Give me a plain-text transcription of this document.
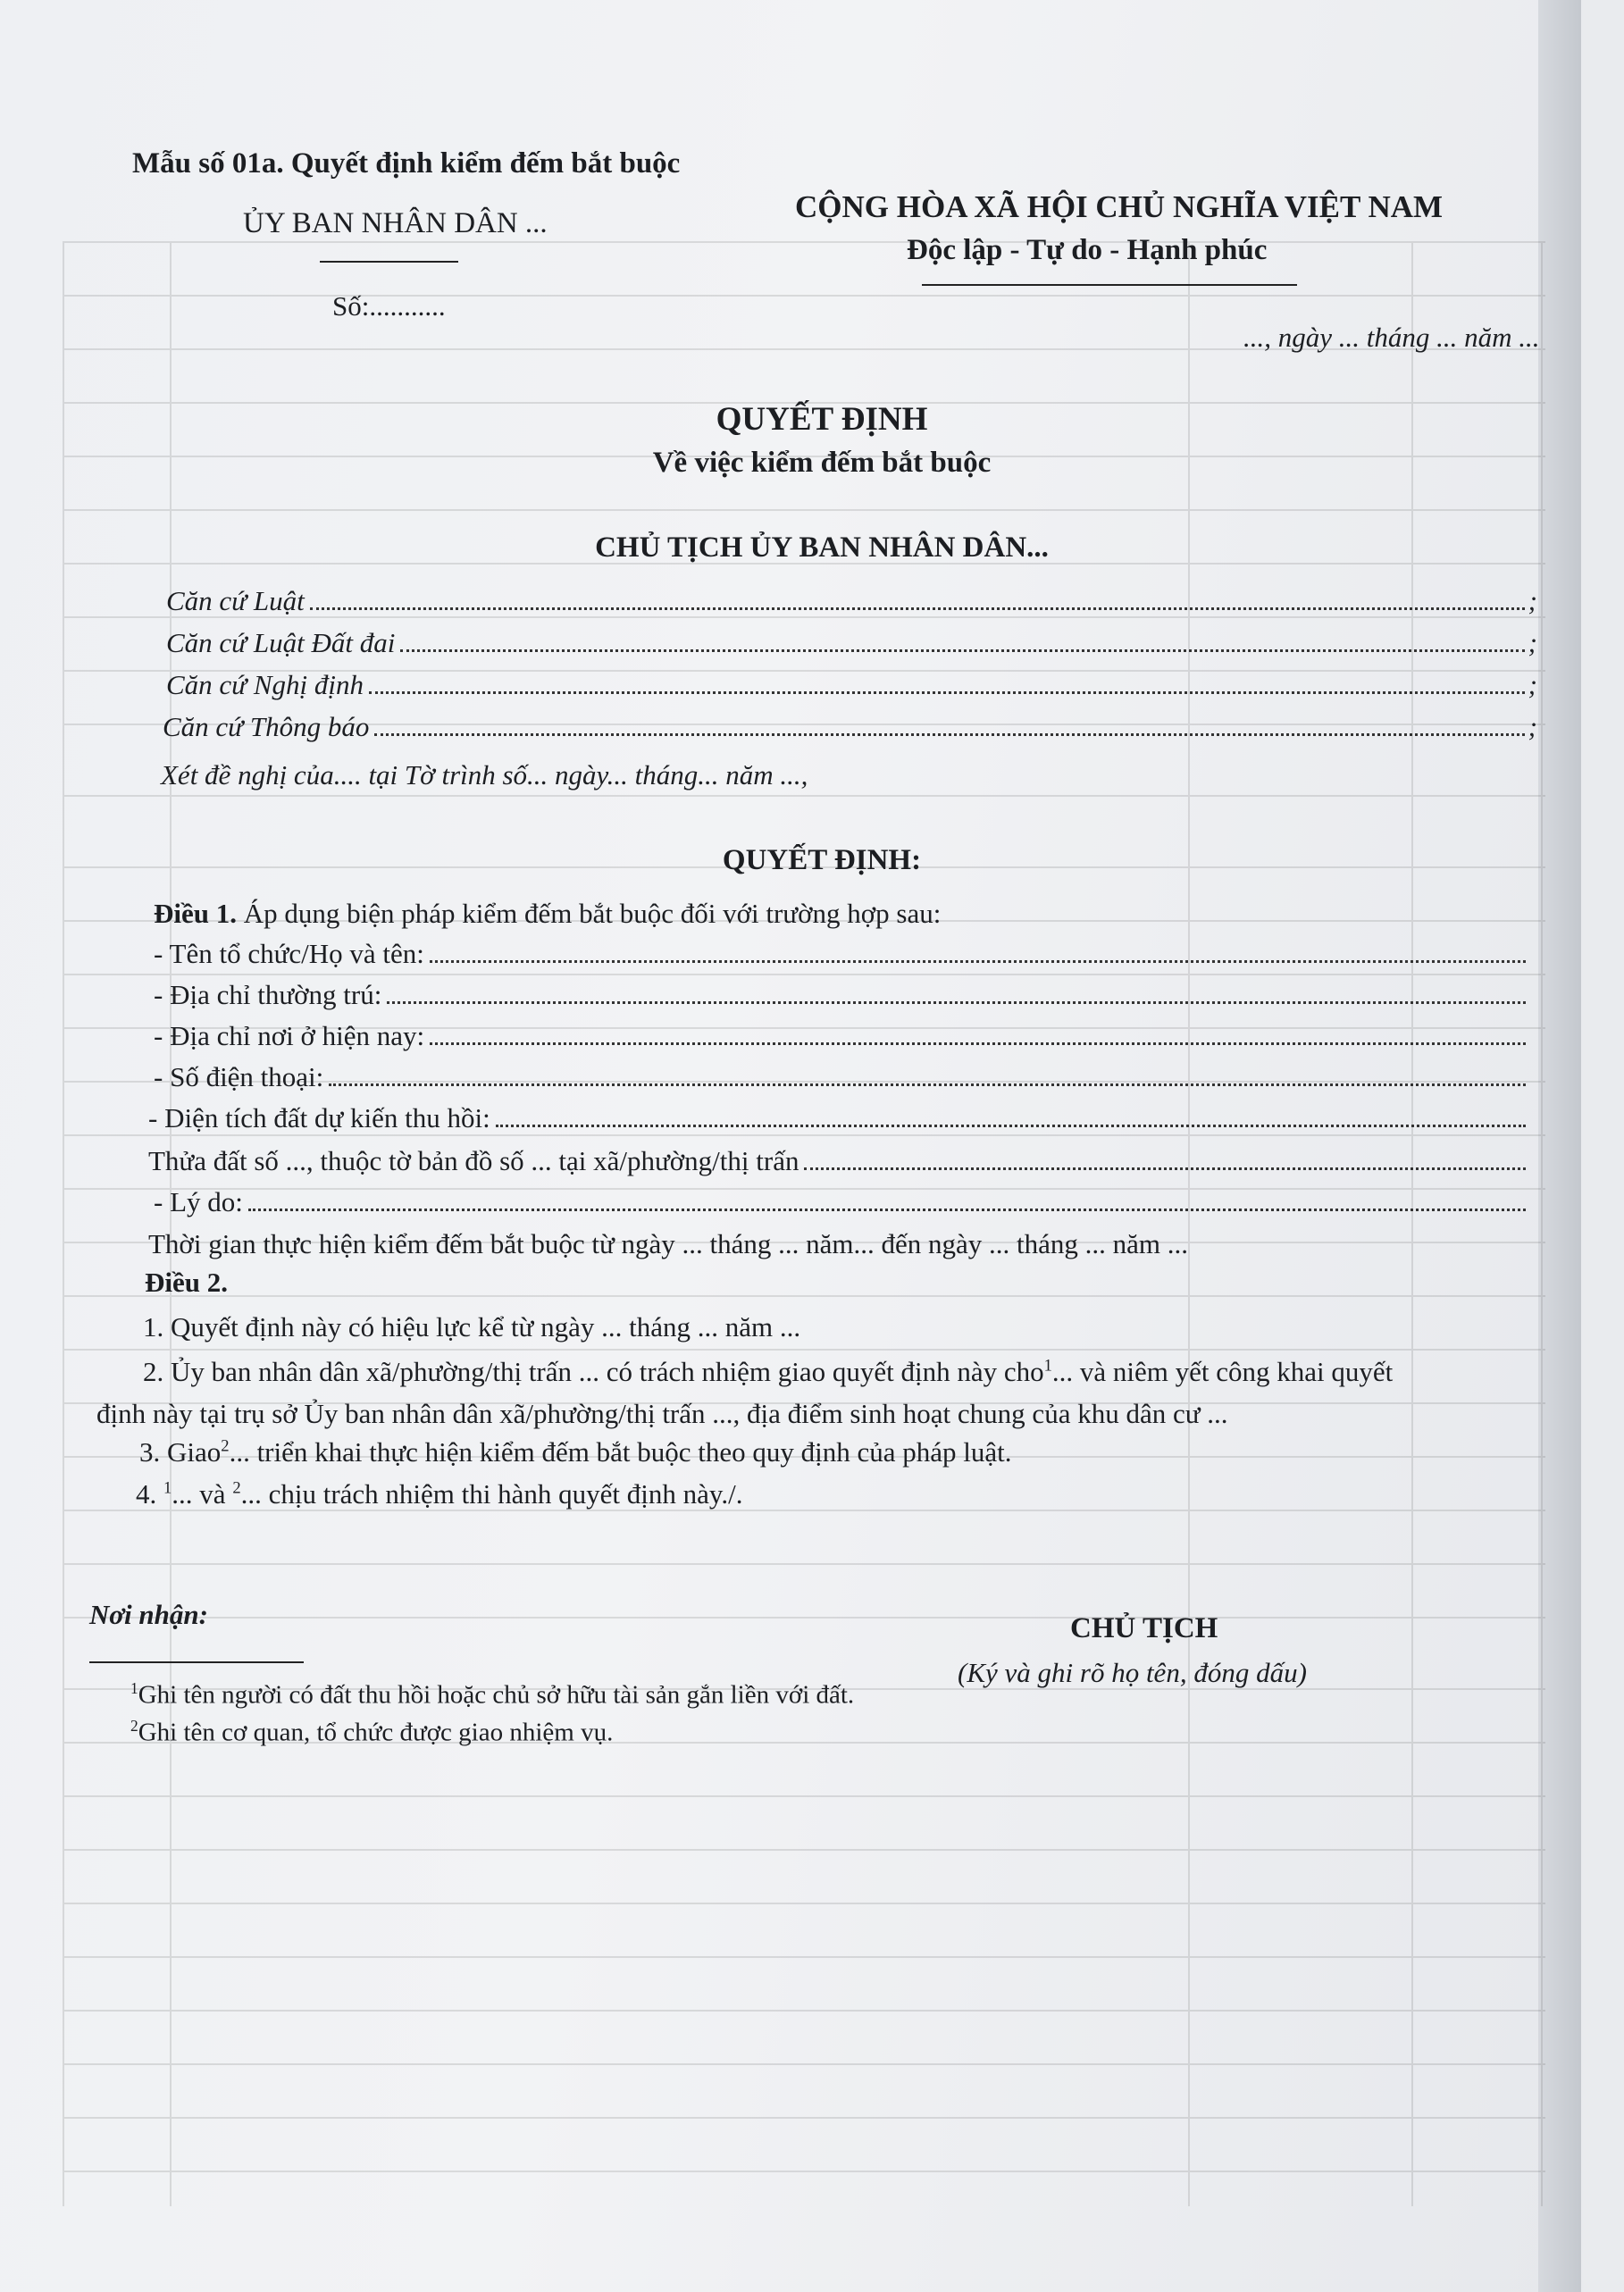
Mẫu số 01a. Quyết định kiểm đếm bắt buộc
ỦY BAN NHÂN DÂN ...
Số:...........
CỘNG HÒA XÃ HỘI CHỦ NGHĨA VIỆT NAM
Độc lập - Tự do - Hạnh phúc
..., ngày ... tháng ... năm ...
QUYẾT ĐỊNH
Về việc kiểm đếm bắt buộc
CHỦ TỊCH ỦY BAN NHÂN DÂN...
Căn cứ Luật	;
Căn cứ Luật Đất đai	;
Căn cứ Nghị định	;
Căn cứ Thông báo	;
Xét đề nghị của.... tại Tờ trình số... ngày... tháng... năm ...,
QUYẾT ĐỊNH:
Điều 1. Áp dụng biện pháp kiểm đếm bắt buộc đối với trường hợp sau:
- Tên tổ chức/Họ và tên:
- Địa chỉ thường trú:
- Địa chỉ nơi ở hiện nay:
- Số điện thoại:
- Diện tích đất dự kiến thu hồi:
Thửa đất số ..., thuộc tờ bản đồ số ... tại xã/phường/thị trấn
- Lý do:
Thời gian thực hiện kiểm đếm bắt buộc từ ngày ... tháng ... năm... đến ngày ... tháng ... năm ...
Điều 2.
1. Quyết định này có hiệu lực kể từ ngày ... tháng ... năm ...
2. Ủy ban nhân dân xã/phường/thị trấn ... có trách nhiệm giao quyết định này cho$^1$... và niêm yết công khai quyết
định này tại trụ sở Ủy ban nhân dân xã/phường/thị trấn ..., địa điểm sinh hoạt chung của khu dân cư ...
3. Giao$^2$... triển khai thực hiện kiểm đếm bắt buộc theo quy định của pháp luật.
4. $^1$... và $^2$... chịu trách nhiệm thi hành quyết định này./.
Nơi nhận:	CHỦ TỊCH
(Ký và ghi rõ họ tên, đóng dấu)
$^1$Ghi tên người có đất thu hồi hoặc chủ sở hữu tài sản gắn liền với đất.
$^2$Ghi tên cơ quan, tổ chức được giao nhiệm vụ.
